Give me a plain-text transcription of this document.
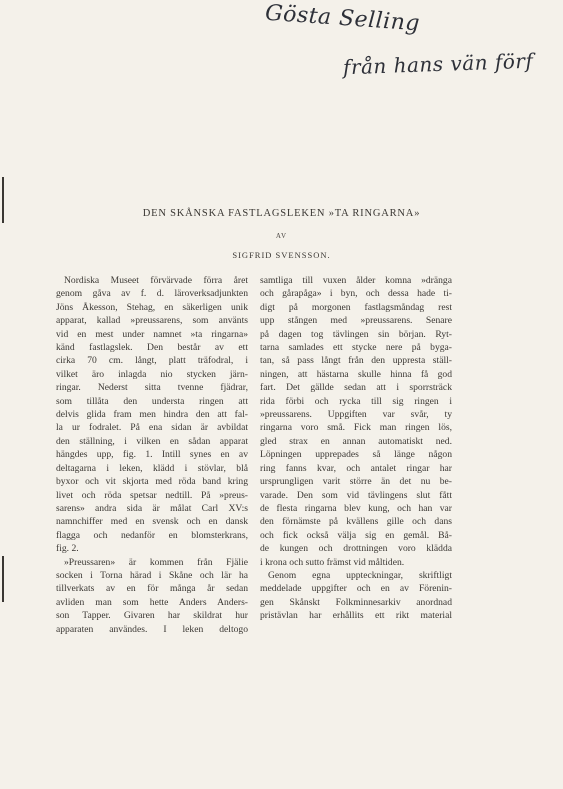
Gösta Selling
från hans vän förf
DEN SKÅNSKA FASTLAGSLEKEN »TA RINGARNA»
AV
SIGFRID SVENSSON.
Nordiska Museet förvärvade förra året
genom gåva av f. d. läroverksadjunkten
Jöns Åkesson, Stehag, en säkerligen unik
apparat, kallad »preussarens, som använts
vid en mest under namnet »ta ringarna»
känd fastlagslek. Den består av ett
cirka 70 cm. långt, platt träfodral, i
vilket äro inlagda nio stycken järn-
ringar. Nederst sitta tvenne fjädrar,
som tillåta den understa ringen att
delvis glida fram men hindra den att fal-
la ur fodralet. På ena sidan är avbildat
den ställning, i vilken en sådan apparat
hängdes upp, fig. 1. Intill synes en av
deltagarna i leken, klädd i stövlar, blå
byxor och vit skjorta med röda band kring
livet och röda spetsar nedtill. På »preus-
sarens» andra sida är målat Carl XV:s
namnchiffer med en svensk och en dansk
flagga och nedanför en blomsterkrans,
fig. 2.
»Preussaren» är kommen från Fjälie
socken i Torna härad i Skåne och lär ha
tillverkats av en för många år sedan
avliden man som hette Anders Anders-
son Tapper. Givaren har skildrat hur
apparaten användes. I leken deltogo
samtliga till vuxen ålder komna »dränga
och gårapåga» i byn, och dessa hade ti-
digt på morgonen fastlagsmåndag rest
upp stången med »preussarens. Senare
på dagen tog tävlingen sin början. Ryt-
tarna samlades ett stycke nere på byga-
tan, så pass långt från den upprestа ställ-
ningen, att hästarna skulle hinna få god
fart. Det gällde sedan att i sporrsträck
rida förbi och rycka till sig ringen i
»preussarens. Uppgiften var svår, ty
ringarna voro små. Fick man ringen lös,
gled strax en annan automatiskt ned.
Löpningen upprepades så länge någon
ring fanns kvar, och antalet ringar har
ursprungligen varit större än det nu be-
varade. Den som vid tävlingens slut fått
de flesta ringarna blev kung, och han var
den förnämste på kvällens gille och dans
och fick också välja sig en gemål. Bå-
de kungen och drottningen voro klädda
i krona och sutto främst vid måltiden.
Genom egna uppteckningar, skriftligt
meddelade uppgifter och en av Förenin-
gen Skånskt Folkminnesarkiv anordnad
pristävlan har erhållits ett rikt material
